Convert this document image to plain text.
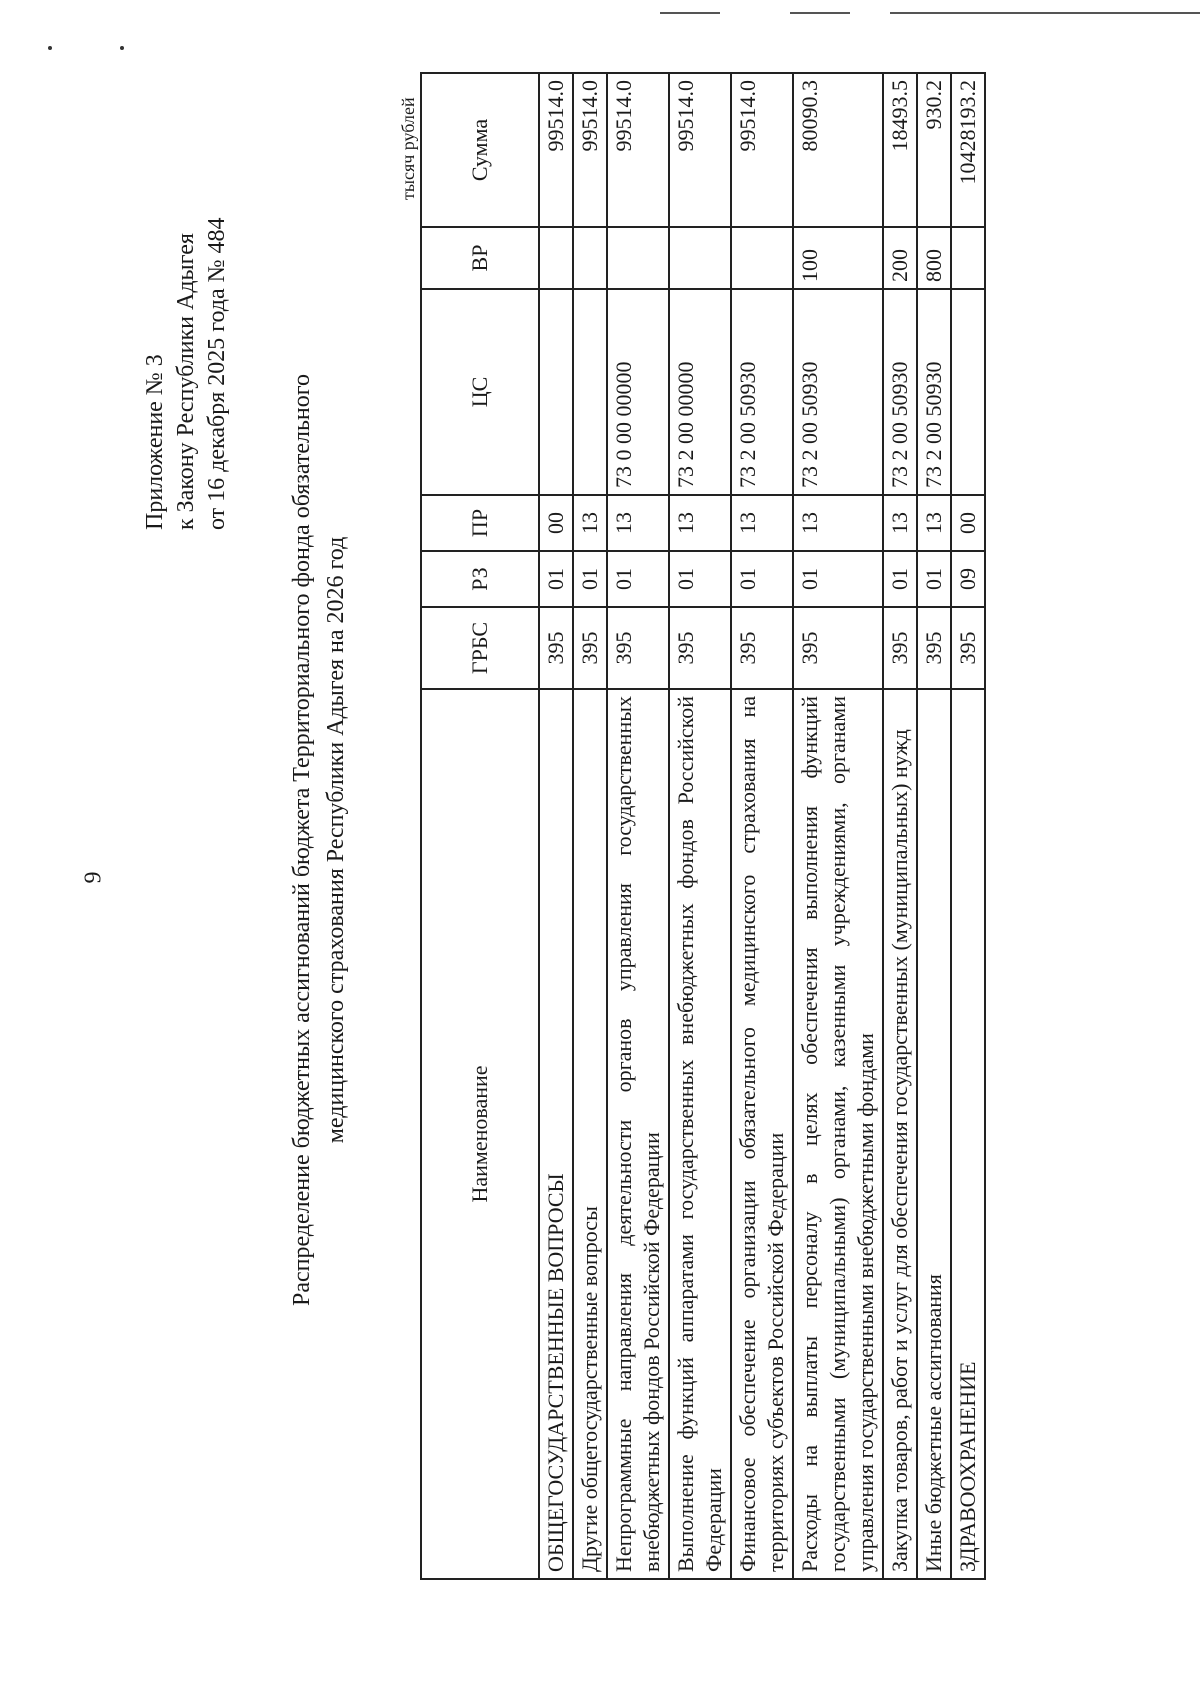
9
Приложение № 3 к Закону Республики Адыгея от 16 декабря 2025 года № 484
Распределение бюджетных ассигнований бюджета Территориального фонда обязательного медицинского страхования Республики Адыгея на 2026 год
тысяч рублей
Наименование	ГРБС	РЗ	ПР	ЦС	ВР	Сумма
ОБЩЕГОСУДАРСТВЕННЫЕ ВОПРОСЫ	395	01	00			99514.0
Другие общегосударственные вопросы	395	01	13			99514.0
Непрограммные направления деятельности органов управления государственных внебюджетных фондов Российской Федерации	395	01	13	73 0 00 00000		99514.0
Выполнение функций аппаратами государственных внебюджетных фондов Российской Федерации	395	01	13	73 2 00 00000		99514.0
Финансовое обеспечение организации обязательного медицинского страхования на территориях субъектов Российской Федерации	395	01	13	73 2 00 50930		99514.0
Расходы на выплаты персоналу в целях обеспечения выполнения функций государственными (муниципальными) органами, казенными учреждениями, органами управления государственными внебюджетными фондами	395	01	13	73 2 00 50930	100	80090.3
Закупка товаров, работ и услуг для обеспечения государственных (муниципальных) нужд	395	01	13	73 2 00 50930	200	18493.5
Иные бюджетные ассигнования	395	01	13	73 2 00 50930	800	930.2
ЗДРАВООХРАНЕНИЕ	395	09	00			10428193.2
